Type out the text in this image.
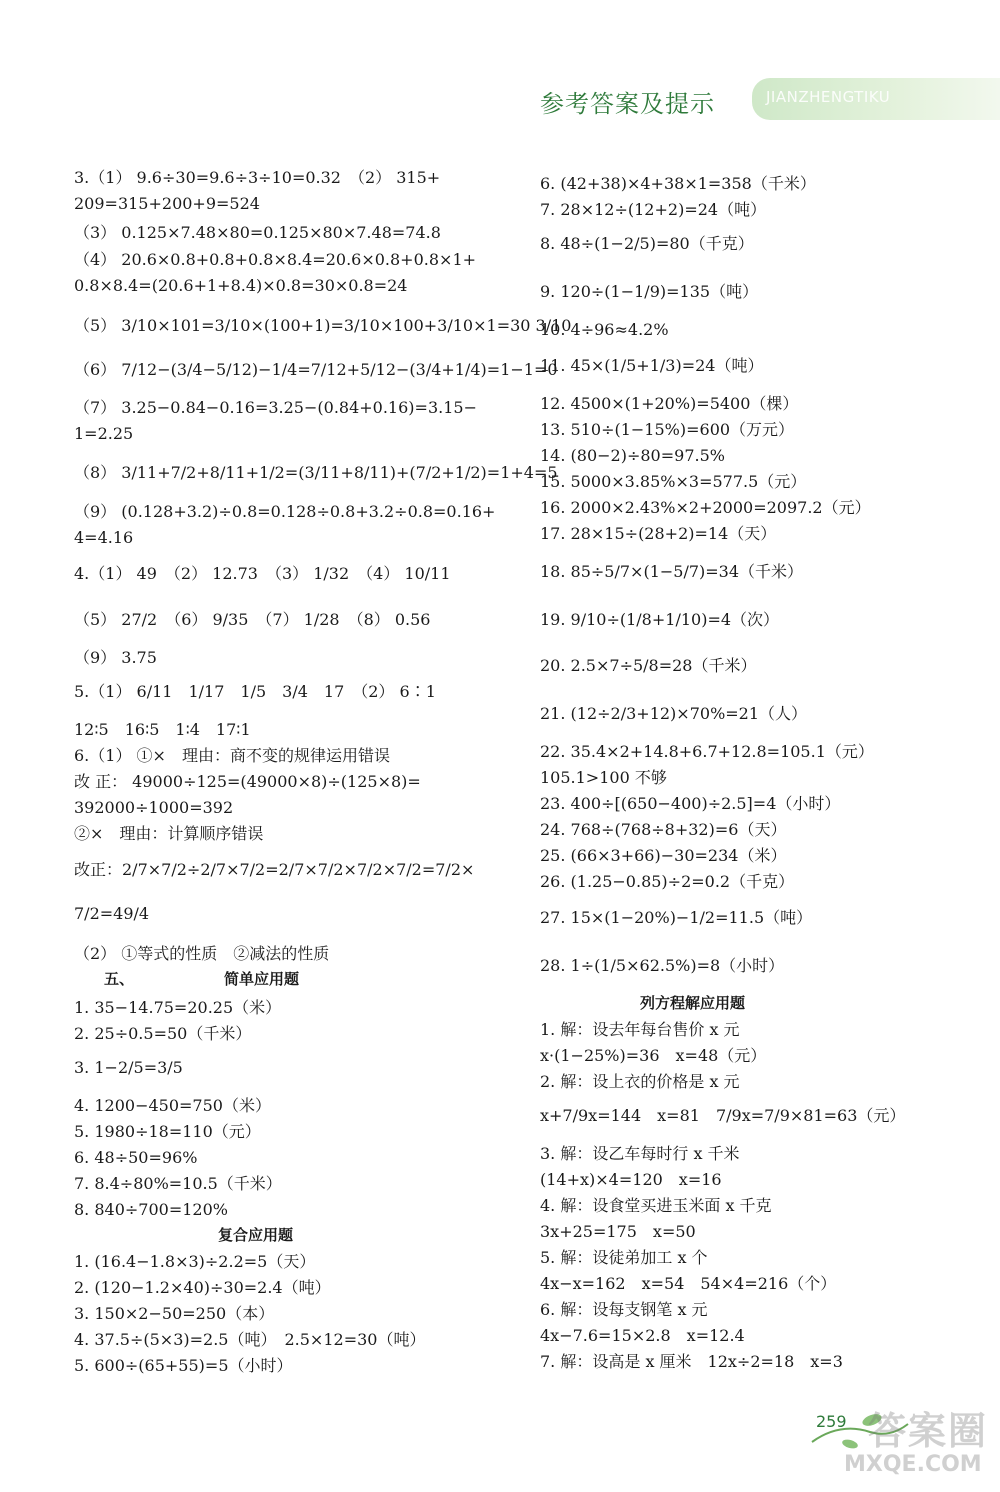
参考答案及提示	JIANZHENGTIKU
3.（1） 9.6÷30=9.6÷3÷10=0.32　（2） 315+
209=315+200+9=524
（3） 0.125×7.48×80=0.125×80×7.48=74.8
（4） 20.6×0.8+0.8+0.8×8.4=20.6×0.8+0.8×1+
0.8×8.4=(20.6+1+8.4)×0.8=30×0.8=24
（5） 3/10×101=3/10×(100+1)=3/10×100+3/10×1=30 3/10
（6） 7/12−(3/4−5/12)−1/4=7/12+5/12−(3/4+1/4)=1−1=0
（7） 3.25−0.84−0.16=3.25−(0.84+0.16)=3.15−
1=2.25
（8） 3/11+7/2+8/11+1/2=(3/11+8/11)+(7/2+1/2)=1+4=5
（9） (0.128+3.2)÷0.8=0.128÷0.8+3.2÷0.8=0.16+
4=4.16
4.（1） 49　（2） 12.73　（3） 1/32　（4） 10/11
（5） 27/2　（6） 9/35　（7） 1/28　（8） 0.56
（9） 3.75
5.（1） 6/11　1/17　1/5　3/4　17　（2） 6∶1
12∶5　16∶5　1∶4　17∶1
6.（1） ①×　理由：商不变的规律运用错误
改 正： 49000÷125=(49000×8)÷(125×8)=
392000÷1000=392
②×　理由：计算顺序错误
改正：2/7×7/2÷2/7×7/2=2/7×7/2×7/2×7/2=7/2×
7/2=49/4
（2） ①等式的性质　②减法的性质
五、	简单应用题
1. 35−14.75=20.25（米）
2. 25÷0.5=50（千米）
3. 1−2/5=3/5
4. 1200−450=750（米）
5. 1980÷18=110（元）
6. 48÷50=96%
7. 8.4÷80%=10.5（千米）
8. 840÷700=120%
复合应用题
1. (16.4−1.8×3)÷2.2=5（天）
2. (120−1.2×40)÷30=2.4（吨）
3. 150×2−50=250（本）
4. 37.5÷(5×3)=2.5（吨）　2.5×12=30（吨）
5. 600÷(65+55)=5（小时）
6. (42+38)×4+38×1=358（千米）
7. 28×12÷(12+2)=24（吨）
8. 48÷(1−2/5)=80（千克）
9. 120÷(1−1/9)=135（吨）
10. 4÷96≈4.2%
11. 45×(1/5+1/3)=24（吨）
12. 4500×(1+20%)=5400（棵）
13. 510÷(1−15%)=600（万元）
14. (80−2)÷80=97.5%
15. 5000×3.85%×3=577.5（元）
16. 2000×2.43%×2+2000=2097.2（元）
17. 28×15÷(28+2)=14（天）
18. 85÷5/7×(1−5/7)=34（千米）
19. 9/10÷(1/8+1/10)=4（次）
20. 2.5×7÷5/8=28（千米）
21. (12÷2/3+12)×70%=21（人）
22. 35.4×2+14.8+6.7+12.8=105.1（元）
105.1>100 不够
23. 400÷[(650−400)÷2.5]=4（小时）
24. 768÷(768÷8+32)=6（天）
25. (66×3+66)−30=234（米）
26. (1.25−0.85)÷2=0.2（千克）
27. 15×(1−20%)−1/2=11.5（吨）
28. 1÷(1/5×62.5%)=8（小时）
列方程解应用题
1. 解：设去年每台售价 x 元
x·(1−25%)=36　x=48（元）
2. 解：设上衣的价格是 x 元
x+7/9x=144　x=81　7/9x=7/9×81=63（元）
3. 解：设乙车每时行 x 千米
(14+x)×4=120　x=16
4. 解：设食堂买进玉米面 x 千克
3x+25=175　x=50
5. 解：设徒弟加工 x 个
4x−x=162　x=54　54×4=216（个）
6. 解：设每支钢笔 x 元
4x−7.6=15×2.8　x=12.4
7. 解：设高是 x 厘米　12x÷2=18　x=3
259 答案圈
MXQE.COM
